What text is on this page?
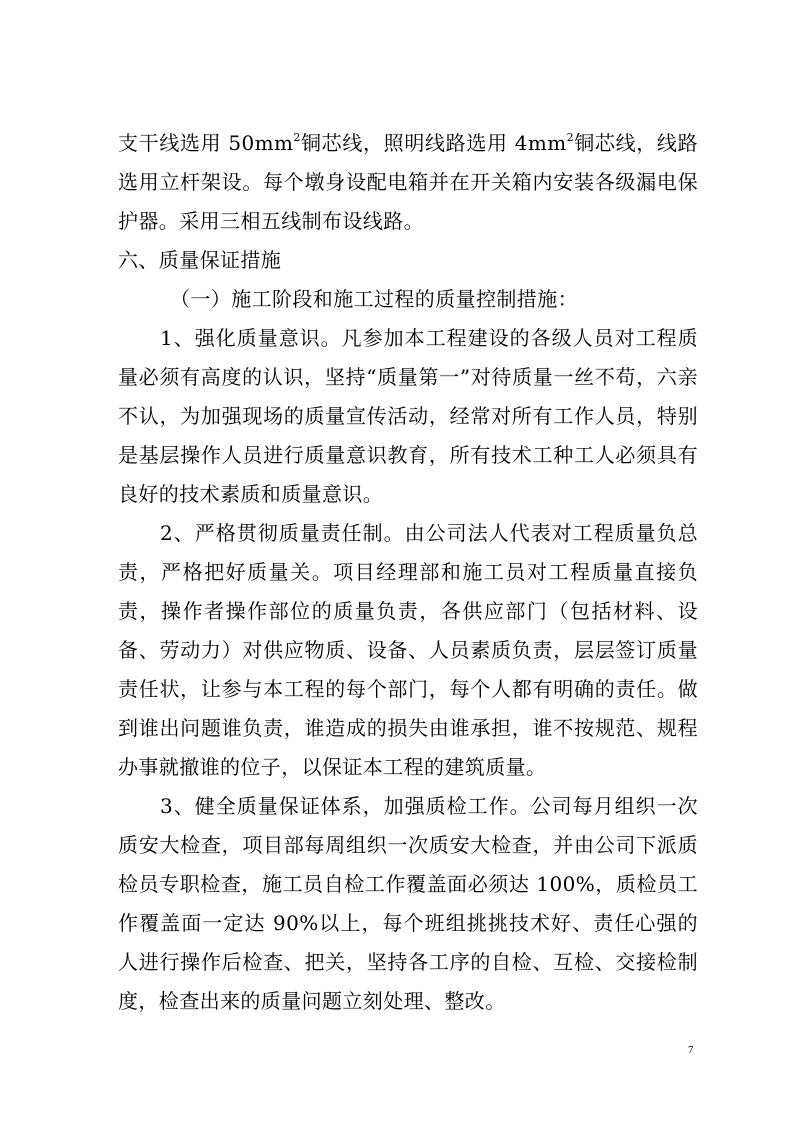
支干线选用 $50mm^2$铜芯线，照明线路选用 $4mm^2$铜芯线，线路选用立杆架设。每个墩身设配电箱并在开关箱内安装各级漏电保护器。采用三相五线制布设线路。

六、质量保证措施

（一）施工阶段和施工过程的质量控制措施：

1、强化质量意识。凡参加本工程建设的各级人员对工程质量必须有高度的认识，坚持“质量第一”对待质量一丝不苟，六亲不认，为加强现场的质量宣传活动，经常对所有工作人员，特别是基层操作人员进行质量意识教育，所有技术工种工人必须具有良好的技术素质和质量意识。

2、严格贯彻质量责任制。由公司法人代表对工程质量负总责，严格把好质量关。项目经理部和施工员对工程质量直接负责，操作者操作部位的质量负责，各供应部门（包括材料、设备、劳动力）对供应物质、设备、人员素质负责，层层签订质量责任状，让参与本工程的每个部门，每个人都有明确的责任。做到谁出问题谁负责，谁造成的损失由谁承担，谁不按规范、规程办事就撤谁的位子，以保证本工程的建筑质量。

3、健全质量保证体系，加强质检工作。公司每月组织一次质安大检查，项目部每周组织一次质安大检查，并由公司下派质检员专职检查，施工员自检工作覆盖面必须达 100%，质检员工作覆盖面一定达 90%以上，每个班组挑挑技术好、责任心强的人进行操作后检查、把关，坚持各工序的自检、互检、交接检制度，检查出来的质量问题立刻处理、整改。

7
